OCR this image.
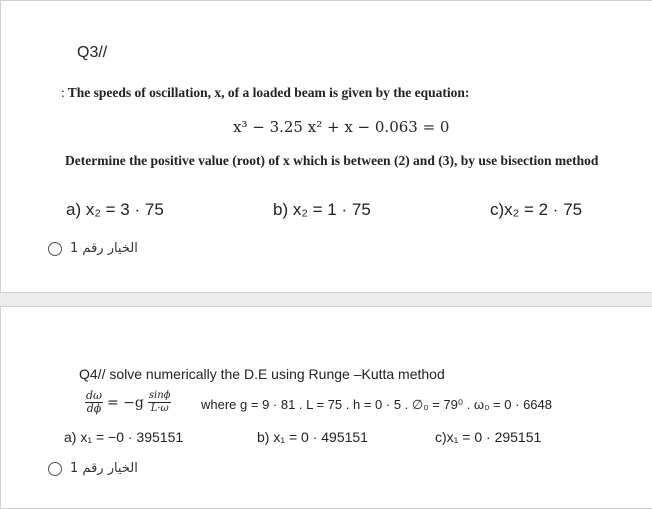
Q3//
: The speeds of oscillation, x, of a loaded beam is given by the equation:
x³ − 3.25 x² + x − 0.063 = 0
Determine the positive value (root) of x which is between (2) and (3), by use bisection method
a) x₂ = 3 · 75	b) x₂ = 1 · 75	c)x₂ = 2 · 75
الخيار رقم 1
Q4// solve numerically the D.E using Runge –Kutta method
$\frac{d\omega}{d\phi} = -g \frac{\sin\phi}{L\cdot\omega}$ where g = 9 · 81 . L = 75 . h = 0 · 5 . ∅₀ = 79⁰ . ω₀ = 0 · 6648
a) x₁ = −0 · 395151	b) x₁ = 0 · 495151	c)x₁ = 0 · 295151
الخيار رقم 1
